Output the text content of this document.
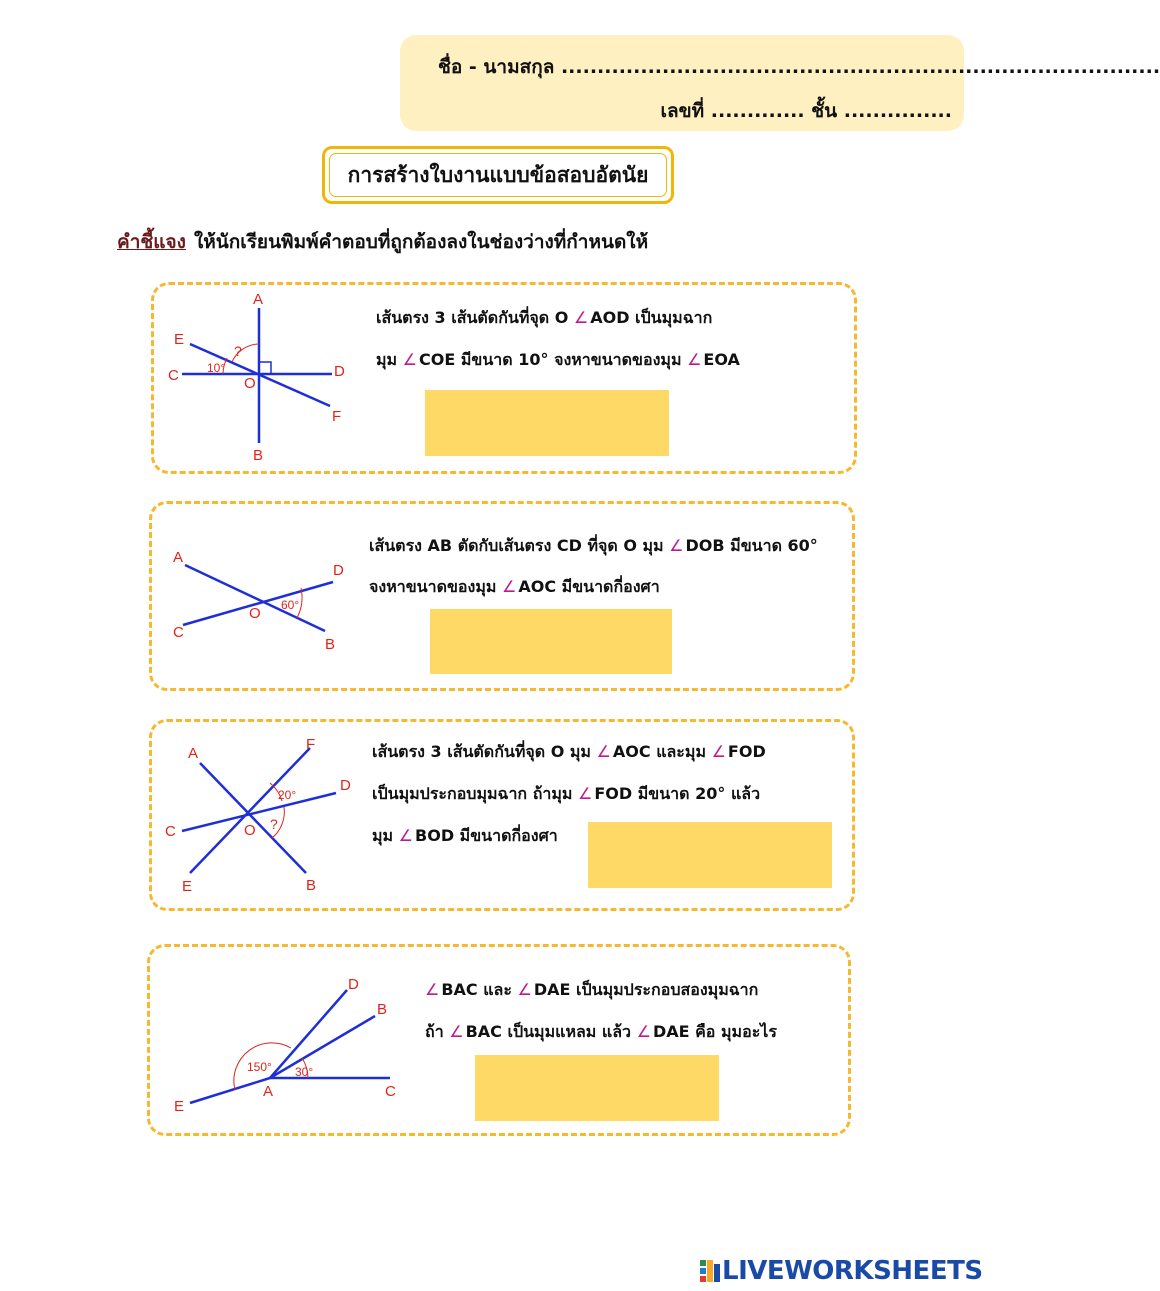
ชื่อ - นามสกุล ...................................................................................
เลขที่ ............. ชั้น ...............
การสร้างใบงานแบบข้อสอบอัตนัย
คำชี้แจง ให้นักเรียนพิมพ์คำตอบที่ถูกต้องลงในช่องว่างที่กำหนดให้
A
B
C	D
E
F
O
10°
?
เส้นตรง 3 เส้นตัดกันที่จุด O ∠ AOD เป็นมุมฉาก
มุม ∠ COE มีขนาด 10° จงหาขนาดของมุม ∠ EOA
A
B
C
D
O 60°
เส้นตรง AB ตัดกับเส้นตรง CD ที่จุด O มุม ∠ DOB มีขนาด 60°
จงหาขนาดของมุม ∠ AOC มีขนาดกี่องศา
A
B
C
D
E
F
O
20°
?
เส้นตรง 3 เส้นตัดกันที่จุด O มุม ∠ AOC และมุม ∠ FOD
เป็นมุมประกอบมุมฉาก ถ้ามุม ∠ FOD มีขนาด 20° แล้ว
มุม ∠ BOD มีขนาดกี่องศา
A
B
C
D
E
150° 30°
∠ BAC และ ∠ DAE เป็นมุมประกอบสองมุมฉาก
ถ้า ∠ BAC เป็นมุมแหลม แล้ว ∠ DAE คือ มุมอะไร
LIVEWORKSHEETS
